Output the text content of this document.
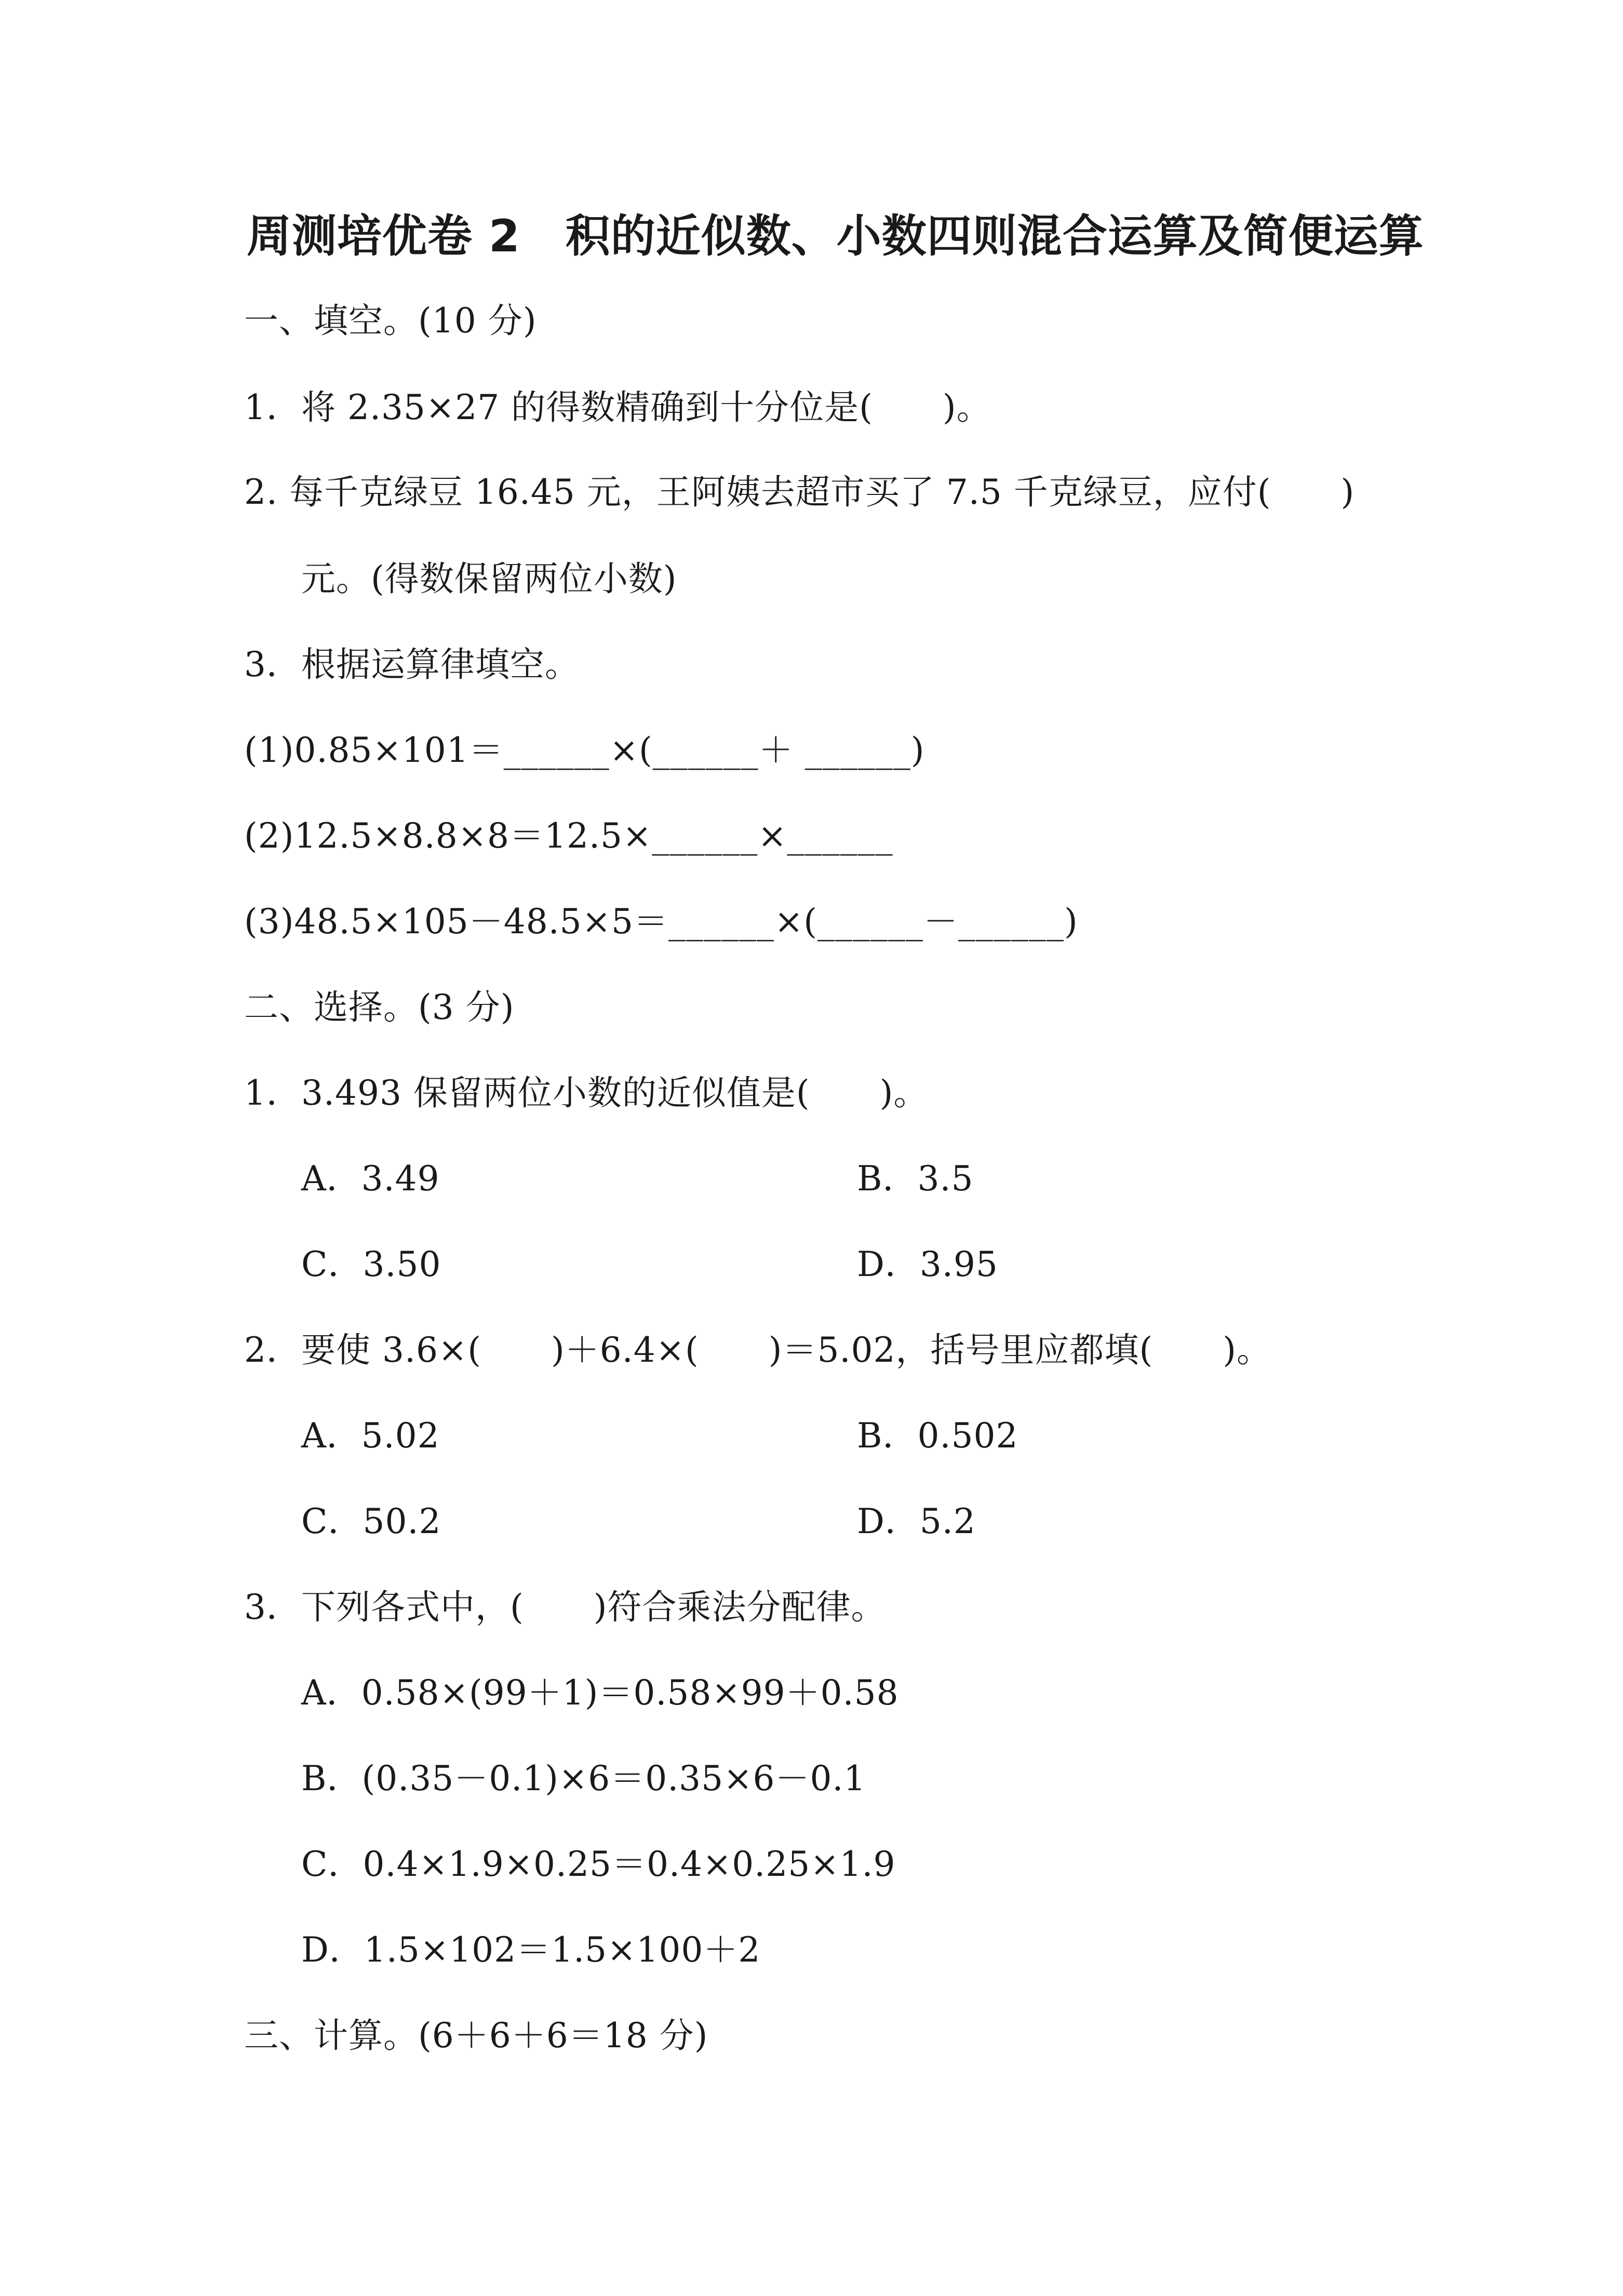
周测培优卷 2　积的近似数、小数四则混合运算及简便运算
一、填空。(10 分)
1．将 2.35×27 的得数精确到十分位是(　　)。
2. 每千克绿豆 16.45 元，王阿姨去超市买了 7.5 千克绿豆，应付(　　)
元。(得数保留两位小数)
3．根据运算律填空。
(1)0.85×101＝______×(______＋ ______)
(2)12.5×8.8×8＝12.5×______×______
(3)48.5×105－48.5×5＝______×(______－______)
二、选择。(3 分)
1．3.493 保留两位小数的近似值是(　　)。
A．3.49	B．3.5
C．3.50	D．3.95
2．要使 3.6×(　　)＋6.4×(　　)＝5.02，括号里应都填(　　)。
A．5.02	B．0.502
C．50.2	D．5.2
3．下列各式中，(　　)符合乘法分配律。
A．0.58×(99＋1)＝0.58×99＋0.58
B．(0.35－0.1)×6＝0.35×6－0.1
C．0.4×1.9×0.25＝0.4×0.25×1.9
D．1.5×102＝1.5×100＋2
三、计算。(6＋6＋6＝18 分)
